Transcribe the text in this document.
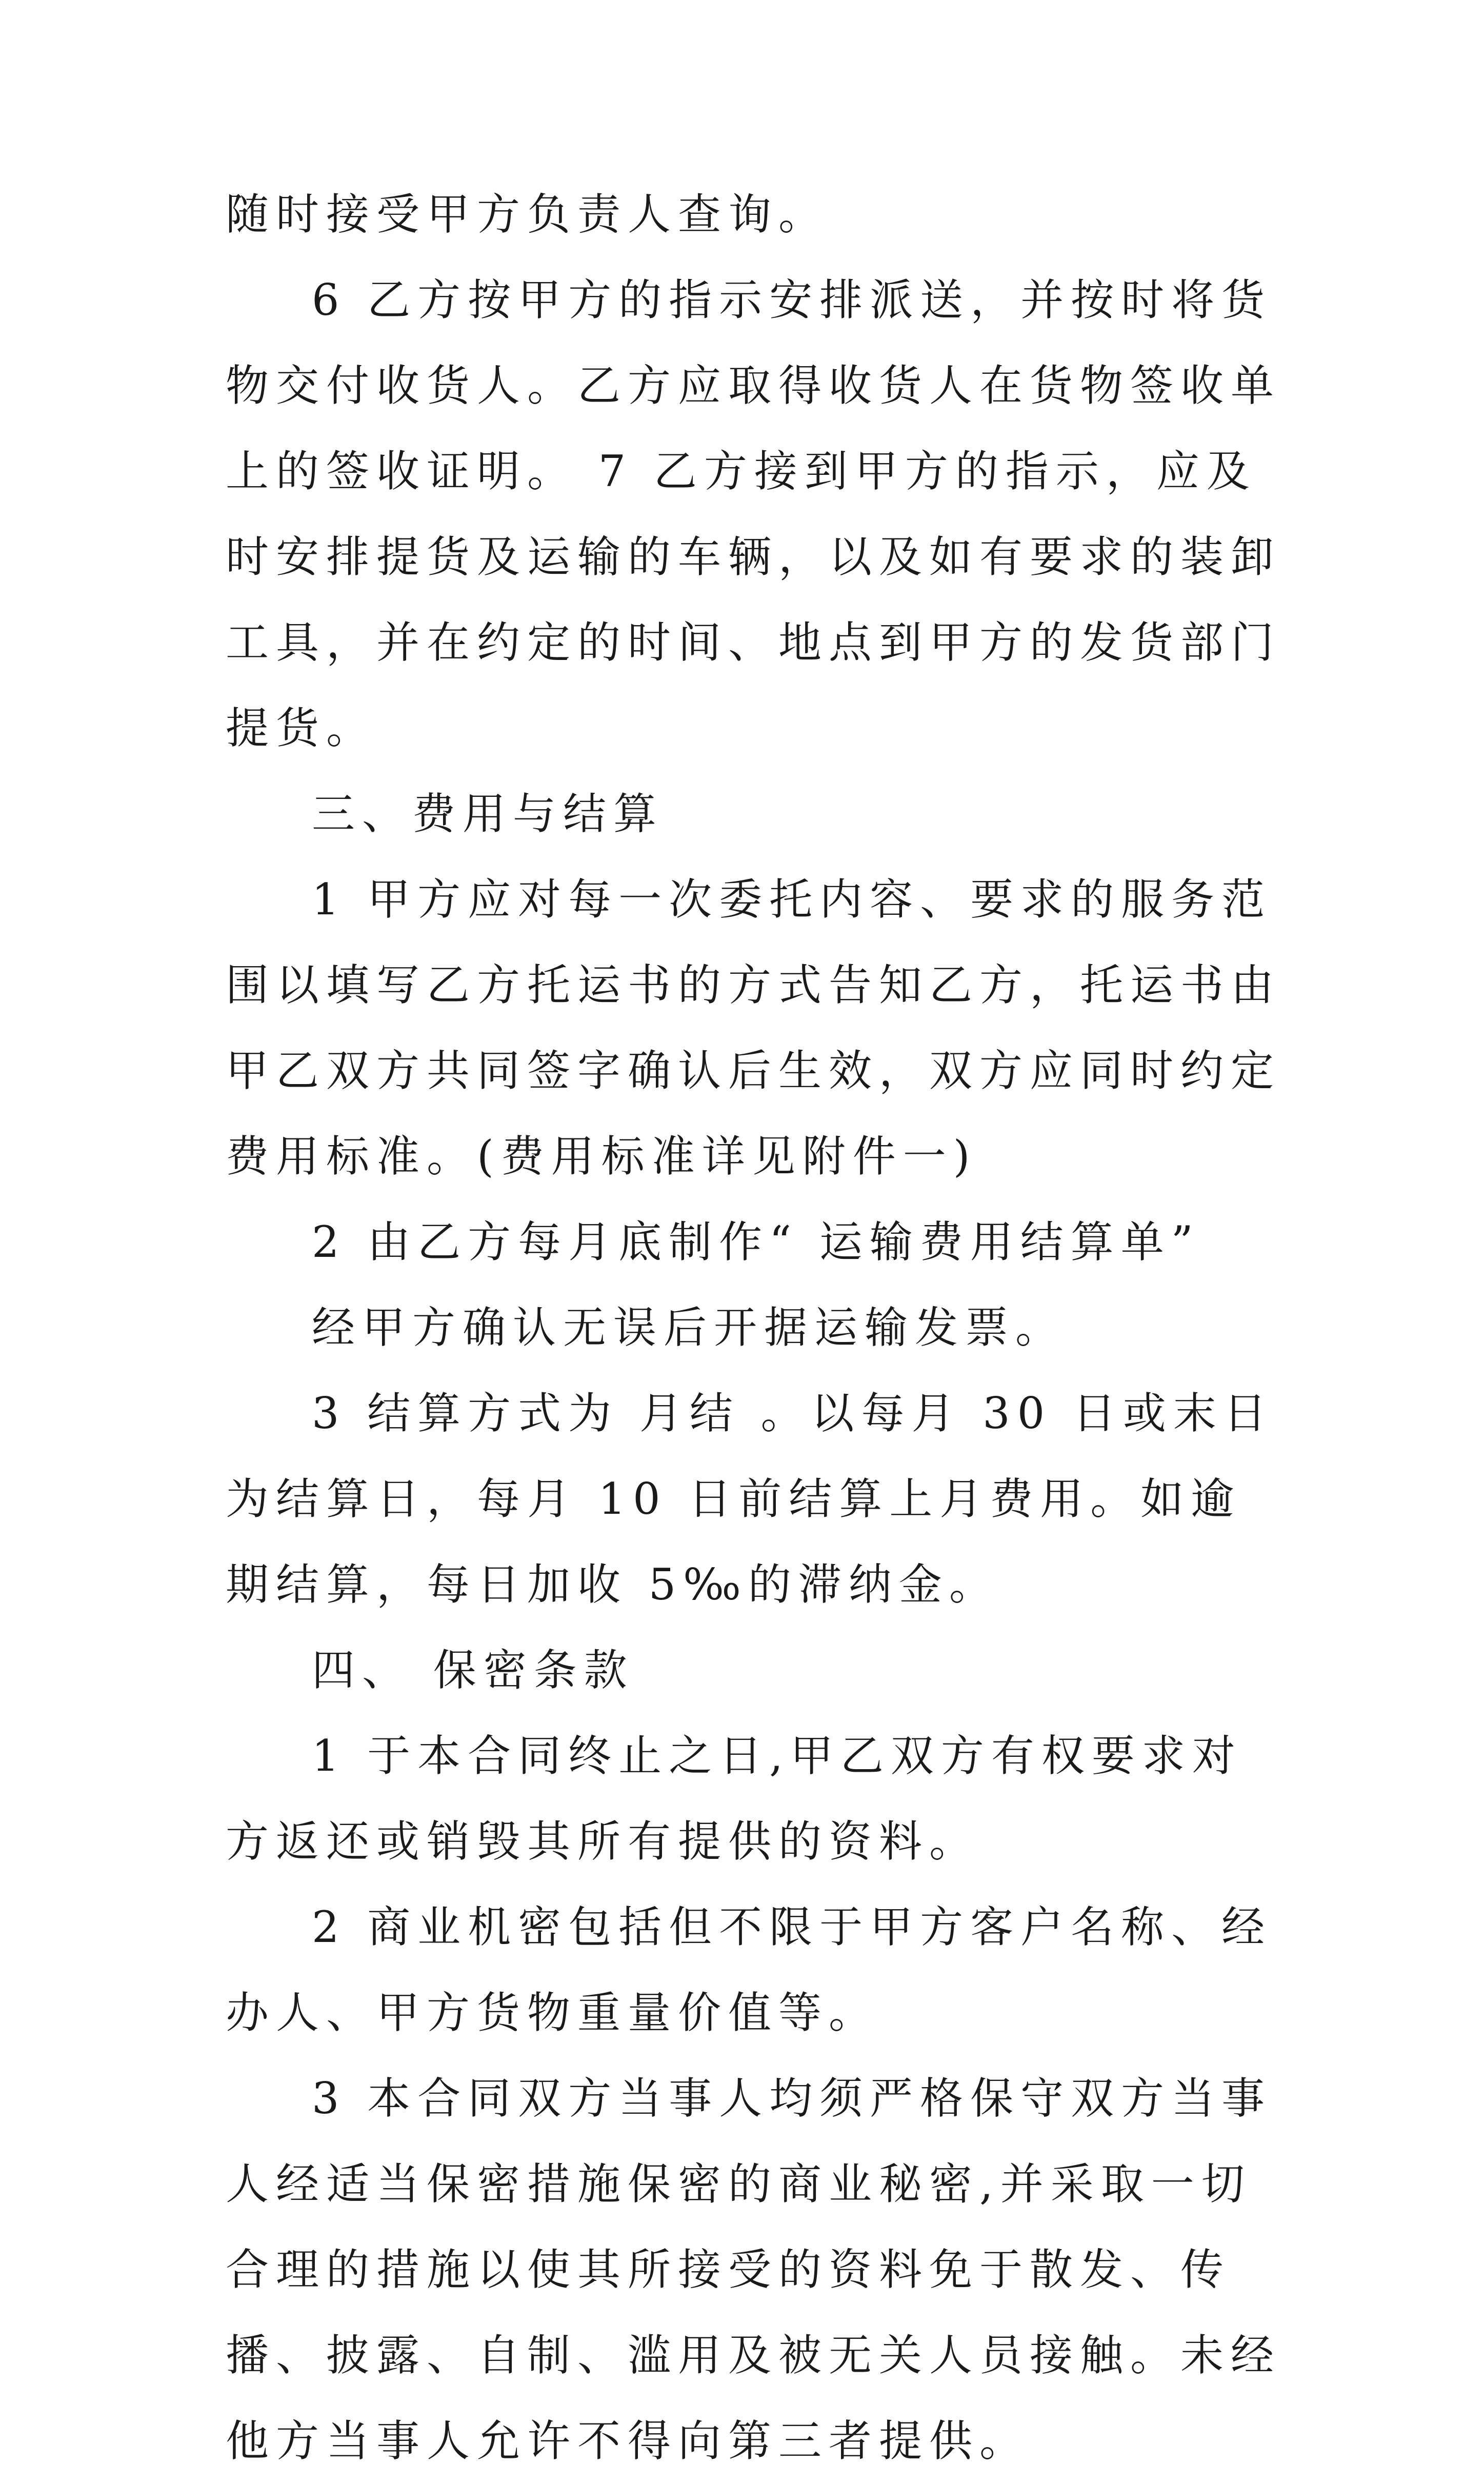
随时接受甲方负责人查询。

6 乙方按甲方的指示安排派送，并按时将货物交付收货人。乙方应取得收货人在货物签收单上的签收证明。 7 乙方接到甲方的指示，应及时安排提货及运输的车辆，以及如有要求的装卸工具，并在约定的时间、地点到甲方的发货部门提货。

三、费用与结算

1 甲方应对每一次委托内容、要求的服务范围以填写乙方托运书的方式告知乙方，托运书由甲乙双方共同签字确认后生效，双方应同时约定费用标准。(费用标准详见附件一)

2 由乙方每月底制作“ 运输费用结算单”

经甲方确认无误后开据运输发票。

3 结算方式为 月结 。以每月 30 日或末日为结算日，每月 10 日前结算上月费用。如逾期结算，每日加收 5‰的滞纳金。

四、 保密条款

1 于本合同终止之日,甲乙双方有权要求对方返还或销毁其所有提供的资料。

2 商业机密包括但不限于甲方客户名称、经办人、甲方货物重量价值等。

3 本合同双方当事人均须严格保守双方当事人经适当保密措施保密的商业秘密,并采取一切合理的措施以使其所接受的资料免于散发、传播、披露、自制、滥用及被无关人员接触。未经他方当事人允许不得向第三者提供。
